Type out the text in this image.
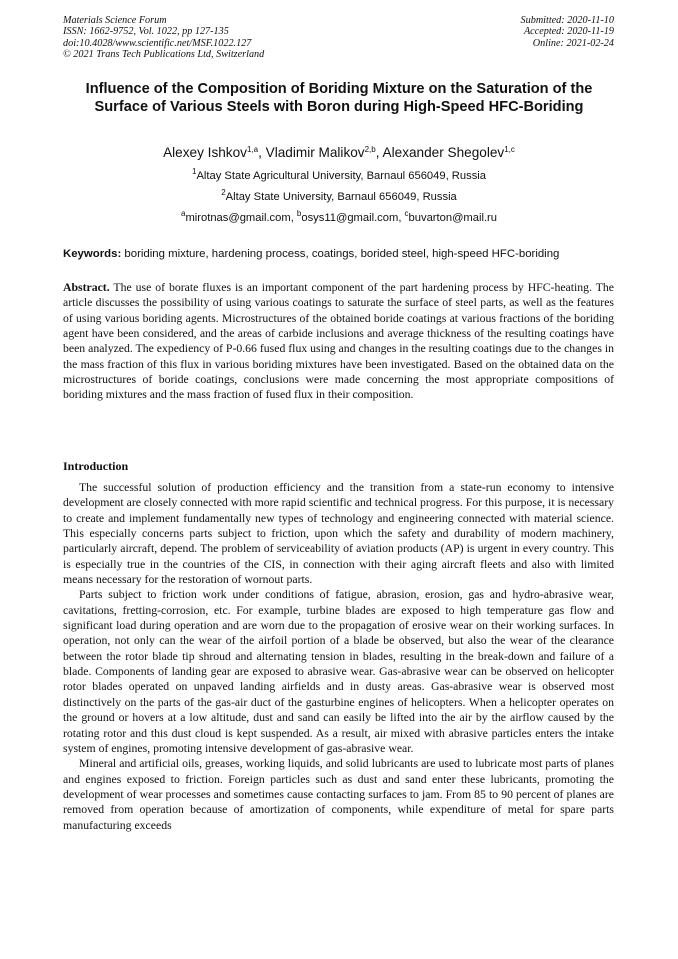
Materials Science Forum
ISSN: 1662-9752, Vol. 1022, pp 127-135
doi:10.4028/www.scientific.net/MSF.1022.127
© 2021 Trans Tech Publications Ltd, Switzerland
Submitted: 2020-11-10
Accepted: 2020-11-19
Online: 2021-02-24
Influence of the Composition of Boriding Mixture on the Saturation of the Surface of Various Steels with Boron during High-Speed HFC-Boriding
Alexey Ishkov$^{1,a}$, Vladimir Malikov$^{2,b}$, Alexander Shegolev$^{1,c}$
$^1$Altay State Agricultural University, Barnaul 656049, Russia
$^2$Altay State University, Barnaul 656049, Russia
$^a$mirotnas@gmail.com, $^b$osys11@gmail.com, $^c$buvarton@mail.ru
Keywords: boriding mixture, hardening process, coatings, borided steel, high-speed HFC-boriding
Abstract. The use of borate fluxes is an important component of the part hardening process by HFC-heating. The article discusses the possibility of using various coatings to saturate the surface of steel parts, as well as the features of using various boriding agents. Microstructures of the obtained boride coatings at various fractions of the boriding agent have been considered, and the areas of carbide inclusions and average thickness of the resulting coatings have been analyzed. The expediency of P-0.66 fused flux using and changes in the resulting coatings due to the changes in the mass fraction of this flux in various boriding mixtures have been investigated. Based on the obtained data on the microstructures of boride coatings, conclusions were made concerning the most appropriate compositions of boriding mixtures and the mass fraction of fused flux in their composition.
Introduction

The successful solution of production efficiency and the transition from a state-run economy to intensive development are closely connected with more rapid scientific and technical progress. For this purpose, it is necessary to create and implement fundamentally new types of technology and engineering connected with material science. This especially concerns parts subject to friction, upon which the safety and durability of modern machinery, particularly aircraft, depend. The problem of serviceability of aviation products (AP) is urgent in every country. This is especially true in the countries of the CIS, in connection with their aging aircraft fleets and also with limited means necessary for the restoration of wornout parts.

Parts subject to friction work under conditions of fatigue, abrasion, erosion, gas and hydro-abrasive wear, cavitations, fretting-corrosion, etc. For example, turbine blades are exposed to high temperature gas flow and significant load during operation and are worn due to the propagation of erosive wear on their working surfaces. In operation, not only can the wear of the airfoil portion of a blade be observed, but also the wear of the clearance between the rotor blade tip shroud and alternating tension in blades, resulting in the break-down and failure of a blade. Components of landing gear are exposed to abrasive wear. Gas-abrasive wear can be observed on helicopter rotor blades operated on unpaved landing airfields and in dusty areas. Gas-abrasive wear is observed most distinctively on the parts of the gas-air duct of the gasturbine engines of helicopters. When a helicopter operates on the ground or hovers at a low altitude, dust and sand can easily be lifted into the air by the airflow caused by the rotating rotor and this dust cloud is kept suspended. As a result, air mixed with abrasive particles enters the intake system of engines, promoting intensive development of gas-abrasive wear.

Mineral and artificial oils, greases, working liquids, and solid lubricants are used to lubricate most parts of planes and engines exposed to friction. Foreign particles such as dust and sand enter these lubricants, promoting the development of wear processes and sometimes cause contacting surfaces to jam. From 85 to 90 percent of planes are removed from operation because of amortization of components, while expenditure of metal for spare parts manufacturing exceeds
